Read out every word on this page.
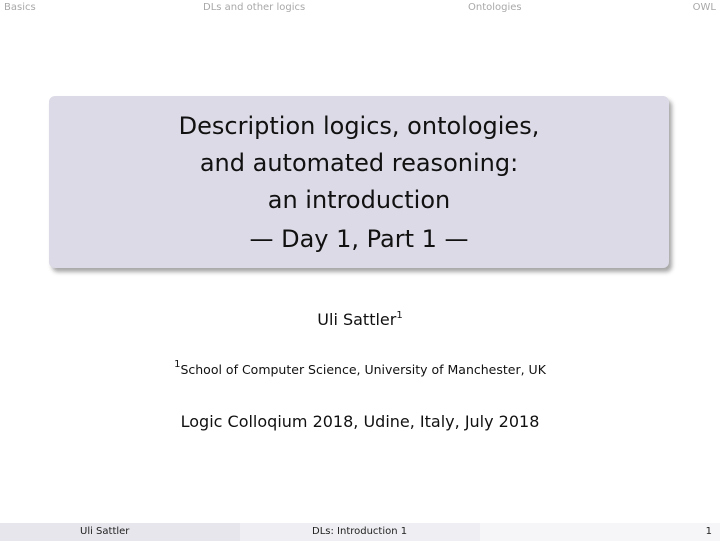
Basics	DLs and other logics	Ontologies	OWL
Description logics, ontologies,
and automated reasoning:
an introduction
— Day 1, Part 1 —
Uli Sattler$^1$
$^1$School of Computer Science, University of Manchester, UK
Logic Colloqium 2018, Udine, Italy, July 2018
Uli Sattler	DLs: Introduction 1	1
